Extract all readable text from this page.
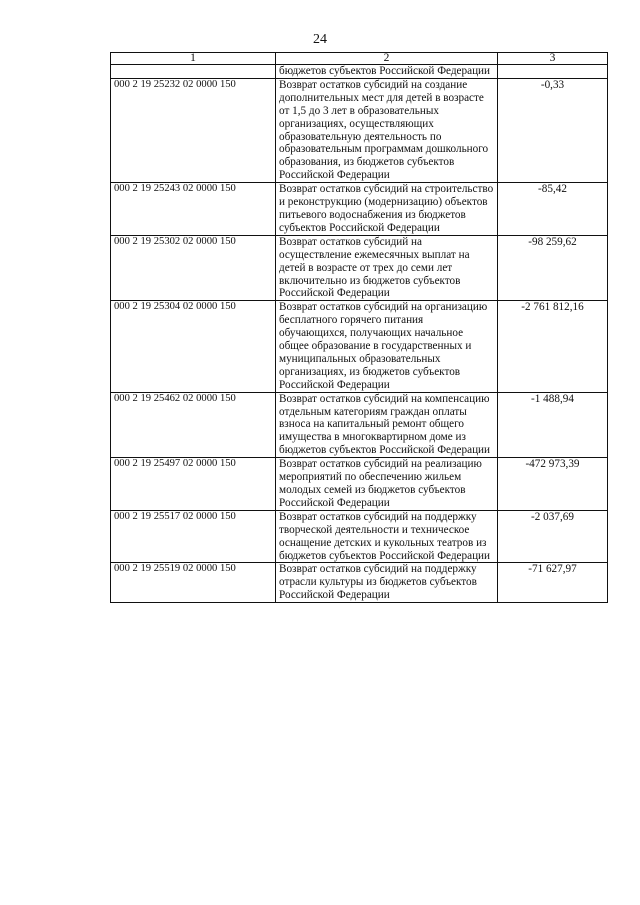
24
1	2	3
	бюджетов субъектов Российской Федерации	
000 2 19 25232 02 0000 150	Возврат остатков субсидий на создание дополнительных мест для детей в возрасте от 1,5 до 3 лет в образовательных организациях, осуществляющих образовательную деятельность по образовательным программам дошкольного образования, из бюджетов субъектов Российской Федерации	-0,33
000 2 19 25243 02 0000 150	Возврат остатков субсидий на строительство и реконструкцию (модернизацию) объектов питьевого водоснабжения из бюджетов субъектов Российской Федерации	-85,42
000 2 19 25302 02 0000 150	Возврат остатков субсидий на осуществление ежемесячных выплат на детей в возрасте от трех до семи лет включительно из бюджетов субъектов Российской Федерации	-98 259,62
000 2 19 25304 02 0000 150	Возврат остатков субсидий на организацию бесплатного горячего питания обучающихся, получающих начальное общее образование в государственных и муниципальных образовательных организациях, из бюджетов субъектов Российской Федерации	-2 761 812,16
000 2 19 25462 02 0000 150	Возврат остатков субсидий на компенсацию отдельным категориям граждан оплаты взноса на капитальный ремонт общего имущества в многоквартирном доме из бюджетов субъектов Российской Федерации	-1 488,94
000 2 19 25497 02 0000 150	Возврат остатков субсидий на реализацию мероприятий по обеспечению жильем молодых семей из бюджетов субъектов Российской Федерации	-472 973,39
000 2 19 25517 02 0000 150	Возврат остатков субсидий на поддержку творческой деятельности и техническое оснащение детских и кукольных театров из бюджетов субъектов Российской Федерации	-2 037,69
000 2 19 25519 02 0000 150	Возврат остатков субсидий на поддержку отрасли культуры из бюджетов субъектов Российской Федерации	-71 627,97
